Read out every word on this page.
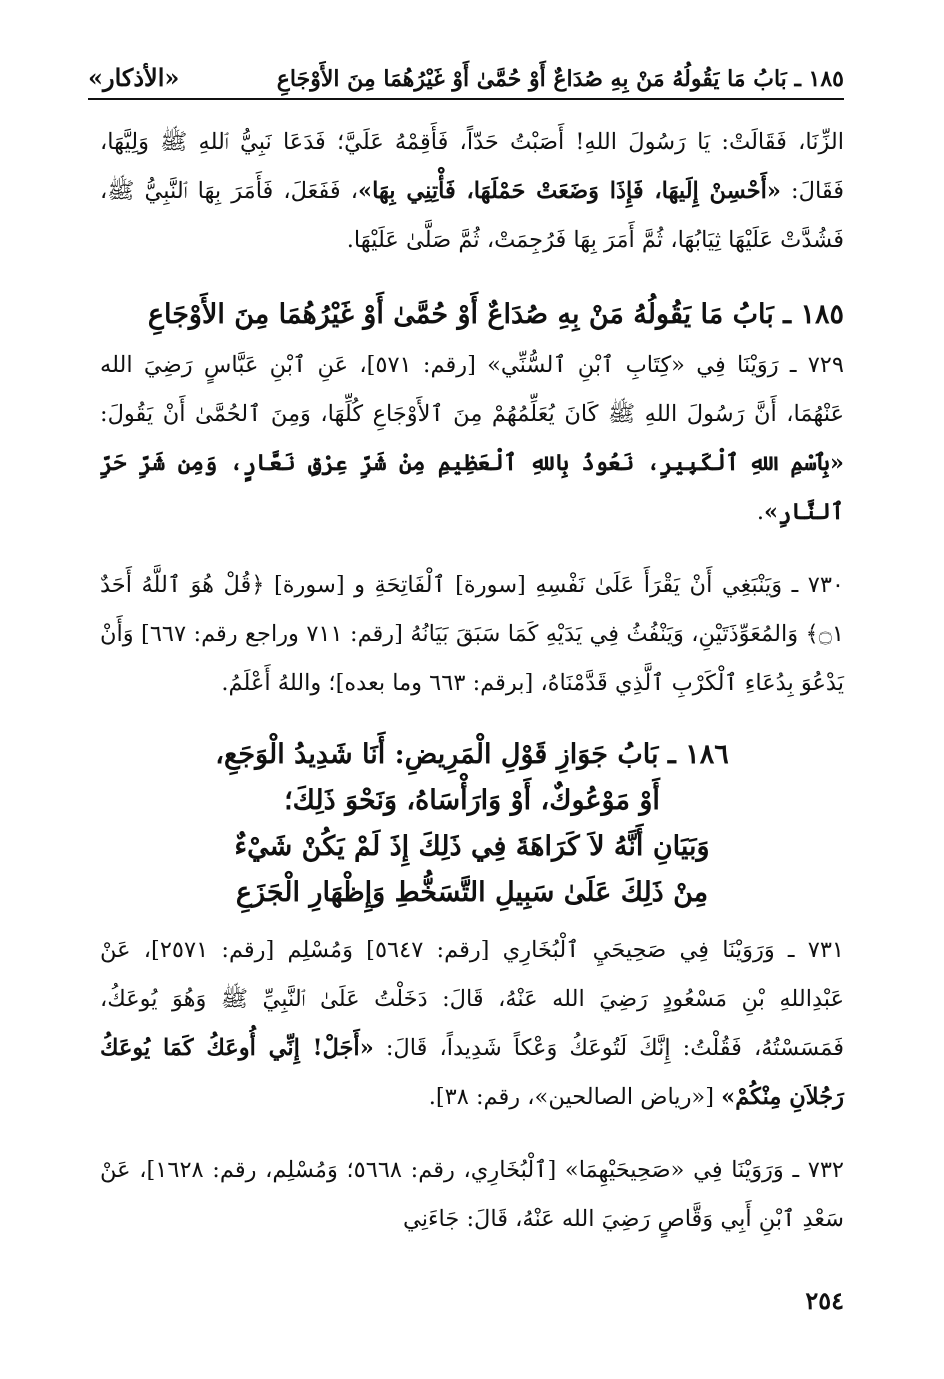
١٨٥ ـ بَابُ مَا يَقُولُهُ مَنْ بِهِ صُدَاعٌ أَوْ حُمَّىٰ أَوْ غَيْرُهُمَا مِنَ الأَوْجَاعِ
«الأذكار»

الزِّنَا، فَقَالَتْ: يَا رَسُولَ اللهِ! أَصَبْتُ حَدّاً، فَأَقِمْهُ عَلَيَّ؛ فَدَعَا نَبِيُّ ٱللهِ ﷺ وَلِيَّهَا، فَقَالَ: «أَحْسِنْ إِلَيهَا، فَإِذَا وَضَعَتْ حَمْلَهَا، فَأْتِنِي بِهَا»، فَفَعَلَ، فَأَمَرَ بِهَا ٱلنَّبِيُّ ﷺ، فَشُدَّتْ عَلَيْهَا ثِيَابُهَا، ثُمَّ أَمَرَ بِهَا فَرُجِمَتْ، ثُمَّ صَلَّىٰ عَلَيْهَا.

١٨٥ ـ بَابُ مَا يَقُولُهُ مَنْ بِهِ صُدَاعٌ أَوْ حُمَّىٰ أَوْ غَيْرُهُمَا مِنَ الأَوْجَاعِ

٧٢٩ ـ رَوَيْنَا فِي «كِتَابِ ٱبْنِ ٱلسُّنِّي» [رقم: ٥٧١]، عَنِ ٱبْنِ عَبَّاسٍ رَضِيَ الله عَنْهُمَا، أَنَّ رَسُولَ اللهِ ﷺ كَانَ يُعَلِّمُهُمْ مِنَ ٱلأَوْجَاعِ كُلِّهَا، وَمِنَ ٱلحُمَّىٰ أَنْ يَقُولَ: «بِٱسْمِ اللهِ ٱلْكَبِيرِ، نَعُوذُ بِاللهِ ٱلْعَظِيمِ مِنْ شَرِّ عِرْقٍ نَعَّارٍ، وَمِن شَرِّ حَرِّ ٱلنَّارِ».

٧٣٠ ـ وَيَنْبَغِي أَنْ يَقْرَأَ عَلَىٰ نَفْسِهِ [سورة] ٱلْفَاتِحَةِ و [سورة] ﴿قُلْ هُوَ ٱللَّهُ أَحَدٌ ۝١﴾ وَالمُعَوِّذَتَيْنِ، وَيَنْفُثُ فِي يَدَيْهِ كَمَا سَبَقَ بَيَانُهُ [رقم: ٧١١ وراجع رقم: ٦٦٧] وَأَنْ يَدْعُوَ بِدُعَاءِ ٱلْكَرْبِ ٱلَّذِي قَدَّمْنَاهُ، [برقم: ٦٦٣ وما بعده]؛ واللهُ أَعْلَمُ.

١٨٦ ـ بَابُ جَوَازِ قَوْلِ الْمَرِيضِ: أَنَا شَدِيدُ الْوَجَعِ،
أَوْ مَوْعُوكٌ، أَوْ وَارَأْسَاهُ، وَنَحْوَ ذَلِكَ؛
وَبَيَانِ أَنَّهُ لاَ كَرَاهَةَ فِي ذَلِكَ إِذَ لَمْ يَكُنْ شَيْءٌ
مِنْ ذَلِكَ عَلَىٰ سَبِيلِ التَّسَخُّطِ وَإِظْهَارِ الْجَزَعِ

٧٣١ ـ وَرَوَيْنَا فِي صَحِيحَيِ ٱلْبُخَارِي [رقم: ٥٦٤٧] وَمُسْلِم [رقم: ٢٥٧١]، عَنْ عَبْدِاللهِ بْنِ مَسْعُودٍ رَضِيَ الله عَنْهُ، قَالَ: دَخَلْتُ عَلَىٰ ٱلنَّبِيِّ ﷺ وَهُوَ يُوعَكُ، فَمَسَسْتُهُ، فَقُلْتُ: إِنَّكَ لَتُوعَكُ وَعْكاً شَدِيداً، قَالَ: «أَجَلْ! إِنِّي أُوعَكُ كَمَا يُوعَكُ رَجُلاَنِ مِنْكُمْ» [«رياض الصالحين»، رقم: ٣٨].

٧٣٢ ـ وَرَوَيْنَا فِي «صَحِيحَيْهِمَا» [ٱلْبُخَارِي، رقم: ٥٦٦٨؛ وَمُسْلِم، رقم: ١٦٢٨]، عَنْ سَعْدِ ٱبْنِ أَبِي وَقَّاصٍ رَضِيَ الله عَنْهُ، قَالَ: جَاءَنِي

٢٥٤
